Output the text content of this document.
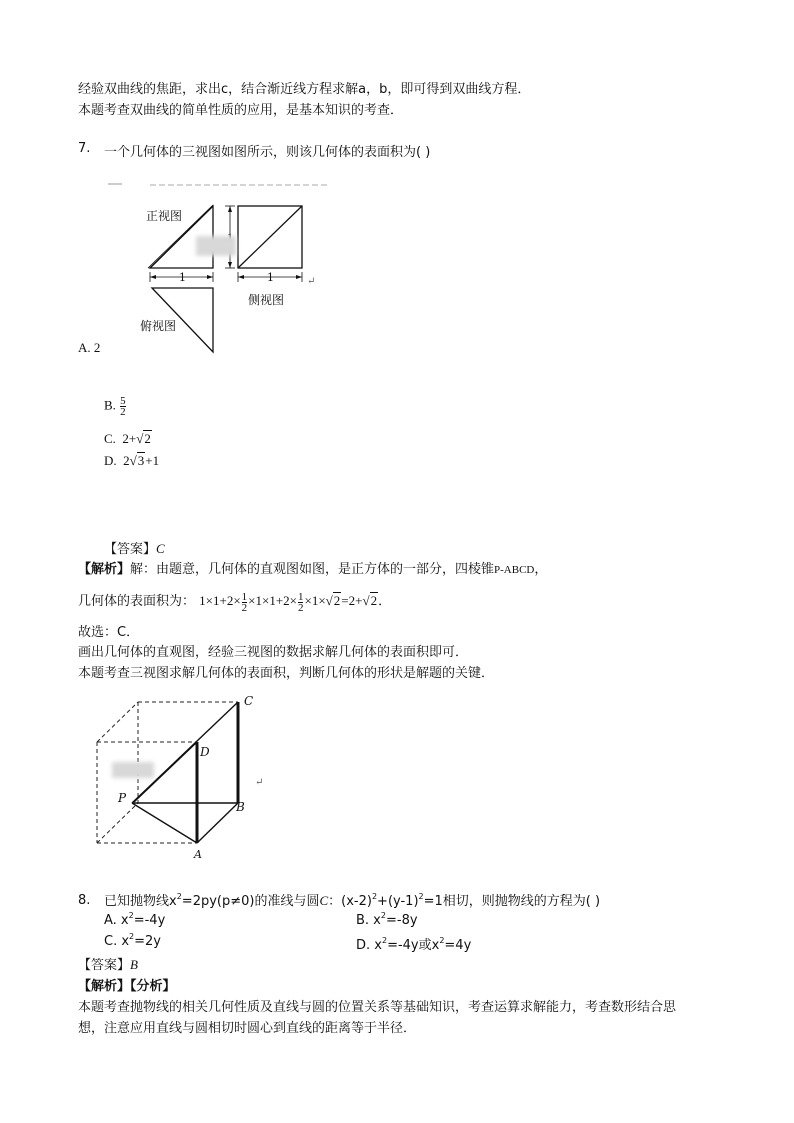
经验双曲线的焦距，求出c，结合渐近线方程求解a，b，即可得到双曲线方程．
本题考查双曲线的简单性质的应用，是基本知识的考查．
7. 一个几何体的三视图如图所示，则该几何体的表面积为( )
正视图
侧视图
俯视图
1	1	↵
A. 2
B. $\frac{5}{2}$
C. 2+√2
D. 2√3+1
【答案】C
【解析】解：由题意，几何体的直观图如图，是正方体的一部分，四棱锥P-ABCD，
几何体的表面积为： $1\times 1+2\times \frac{1}{2} \times 1\times 1+2\times \frac{1}{2} \times 1\times√2=2+√2$．
故选：C．
画出几何体的直观图，经验三视图的数据求解几何体的表面积即可．
本题考查三视图求解几何体的表面积，判断几何体的形状是解题的关键．
C
D
P
B
A
↵
8. 已知抛物线$x^2=2py(p\ne 0)$的准线与圆C：$(x-2)^2+(y-1)^2=1$相切，则抛物线的方程为( )
A. $x^2=-4y$	B. $x^2=-8y$
C. $x^2=2y$	D. $x^2=-4y$或$x^2=4y$
【答案】B
【解析】【分析】
本题考查抛物线的相关几何性质及直线与圆的位置关系等基础知识，考查运算求解能力，考查数形结合思
想，注意应用直线与圆相切时圆心到直线的距离等于半径．
